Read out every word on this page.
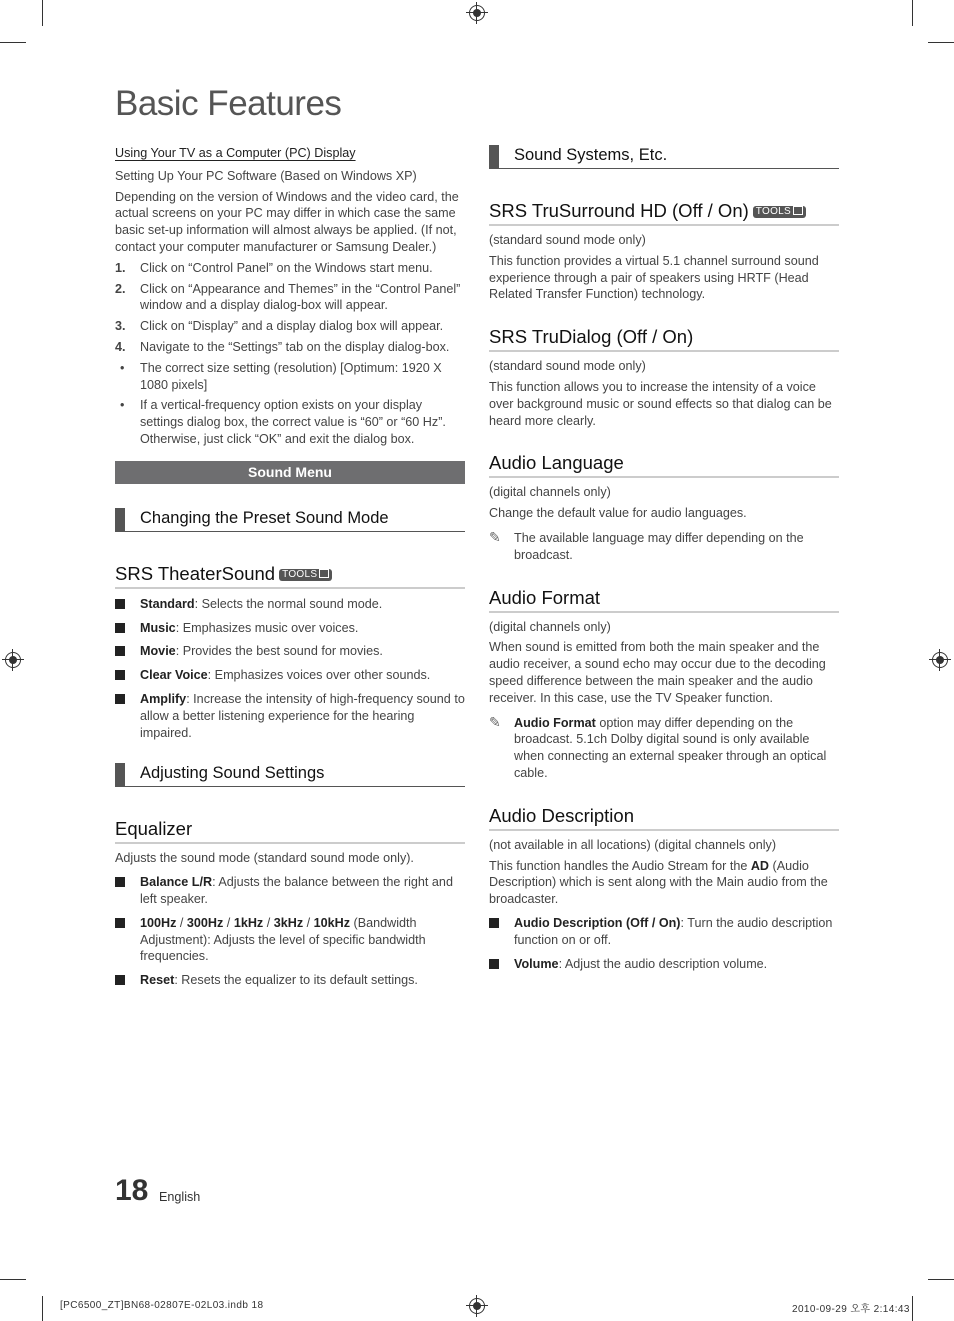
Basic Features
Using Your TV as a Computer (PC) Display

Setting Up Your PC Software (Based on Windows XP)

Depending on the version of Windows and the video card, the actual screens on your PC may differ in which case the same basic set-up information will almost always be applied. (If not, contact your computer manufacturer or Samsung Dealer.)

1. Click on “Control Panel” on the Windows start menu.
2. Click on “Appearance and Themes” in the “Control Panel” window and a display dialog-box will appear.
3. Click on “Display” and a display dialog box will appear.
4. Navigate to the “Settings” tab on the display dialog-box.
• The correct size setting (resolution) [Optimum: 1920 X 1080 pixels]
• If a vertical-frequency option exists on your display settings dialog box, the correct value is “60” or “60 Hz”. Otherwise, just click “OK” and exit the dialog box.
Sound Menu
Changing the Preset Sound Mode
SRS TheaterSound TOOLS
Standard: Selects the normal sound mode.
Music: Emphasizes music over voices.
Movie: Provides the best sound for movies.
Clear Voice: Emphasizes voices over other sounds.
Amplify: Increase the intensity of high-frequency sound to allow a better listening experience for the hearing impaired.
Adjusting Sound Settings
Equalizer

Adjusts the sound mode (standard sound mode only).

Balance L/R: Adjusts the balance between the right and left speaker.
100Hz / 300Hz / 1kHz / 3kHz / 10kHz (Bandwidth Adjustment): Adjusts the level of specific bandwidth frequencies.
Reset: Resets the equalizer to its default settings.
Sound Systems, Etc.
SRS TruSurround HD (Off / On) TOOLS

(standard sound mode only)

This function provides a virtual 5.1 channel surround sound experience through a pair of speakers using HRTF (Head Related Transfer Function) technology.

SRS TruDialog (Off / On)

(standard sound mode only)

This function allows you to increase the intensity of a voice over background music or sound effects so that dialog can be heard more clearly.

Audio Language

(digital channels only)

Change the default value for audio languages.

✎ The available language may differ depending on the broadcast.
Audio Format

(digital channels only)

When sound is emitted from both the main speaker and the audio receiver, a sound echo may occur due to the decoding speed difference between the main speaker and the audio receiver. In this case, use the TV Speaker function.

✎ Audio Format option may differ depending on the broadcast. 5.1ch Dolby digital sound is only available when connecting an external speaker through an optical cable.
Audio Description

(not available in all locations) (digital channels only)

This function handles the Audio Stream for the AD (Audio Description) which is sent along with the Main audio from the broadcaster.

Audio Description (Off / On): Turn the audio description function on or off.
Volume: Adjust the audio description volume.
18 English
[PC6500_ZT]BN68-02807E-02L03.indb 18	2010-09-29 오후 2:14:43
